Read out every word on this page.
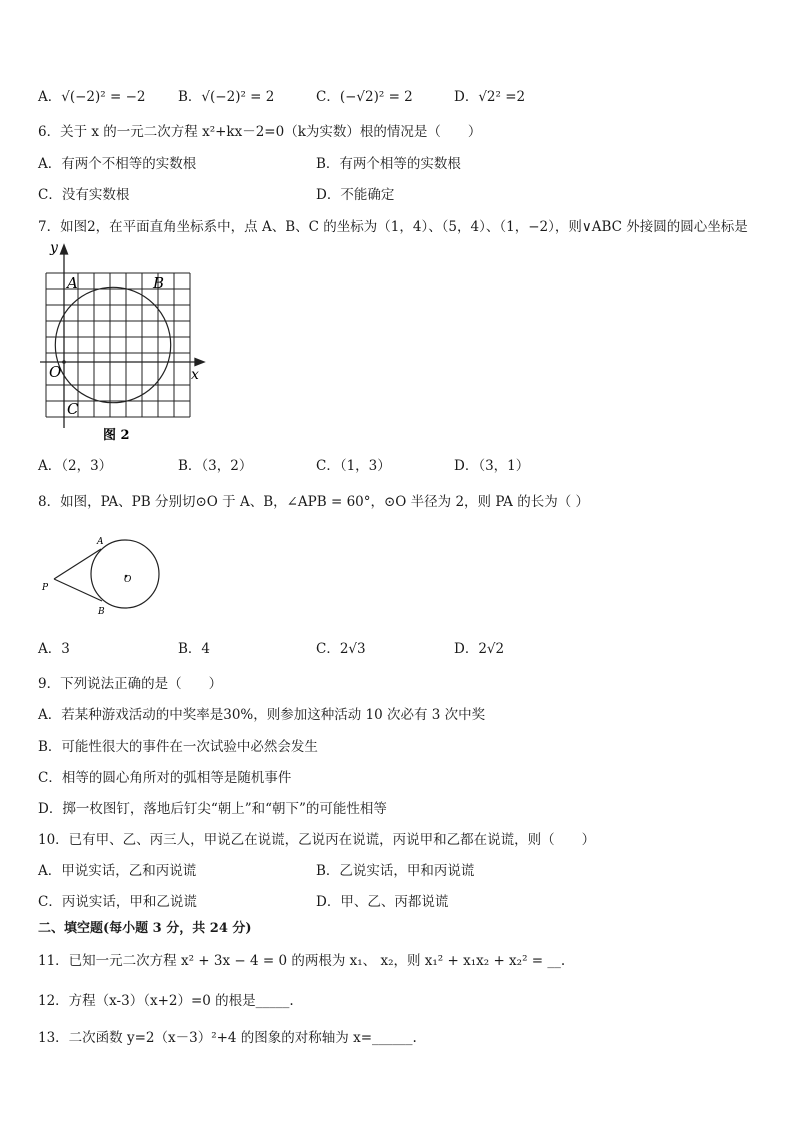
A．√(−2)² = −2 B．√(−2)² = 2	C．(−√2)² = 2	D．√2² =2
6．关于 x 的一元二次方程 x²+kx－2=0（k为实数）根的情况是（　　）
A．有两个不相等的实数根	B．有两个相等的实数根
C．没有实数根	D．不能确定
7．如图2，在平面直角坐标系中，点 A、B、C 的坐标为（1，4）、（5，4）、（1，−2），则∨ABC 外接圆的圆心坐标是
y
x
O
A	B
C
图 2
A．（2，3）	B．（3，2）	C．（1，3）	D．（3，1）
8．如图，PA、PB 分别切⊙O 于 A、B，∠APB = 60°，⊙O 半径为 2，则 PA 的长为（ ）
P
A
B
O
A．3	B．4	C．2√3	D．2√2
9．下列说法正确的是（　　）
A．若某种游戏活动的中奖率是30%，则参加这种活动 10 次必有 3 次中奖
B．可能性很大的事件在一次试验中必然会发生
C．相等的圆心角所对的弧相等是随机事件
D．掷一枚图钉，落地后钉尖“朝上”和“朝下”的可能性相等
10．已有甲、乙、丙三人，甲说乙在说谎，乙说丙在说谎，丙说甲和乙都在说谎，则（　　）
A．甲说实话，乙和丙说谎	B．乙说实话，甲和丙说谎
C．丙说实话，甲和乙说谎	D．甲、乙、丙都说谎
二、填空题(每小题 3 分，共 24 分)
11．已知一元二次方程 x² + 3x − 4 = 0 的两根为 x₁、 x₂，则 x₁² + x₁x₂ + x₂² = __.
12．方程（x-3）（x+2）=0 的根是_____.
13．二次函数 y=2（x－3）²+4 的图象的对称轴为 x=______.
